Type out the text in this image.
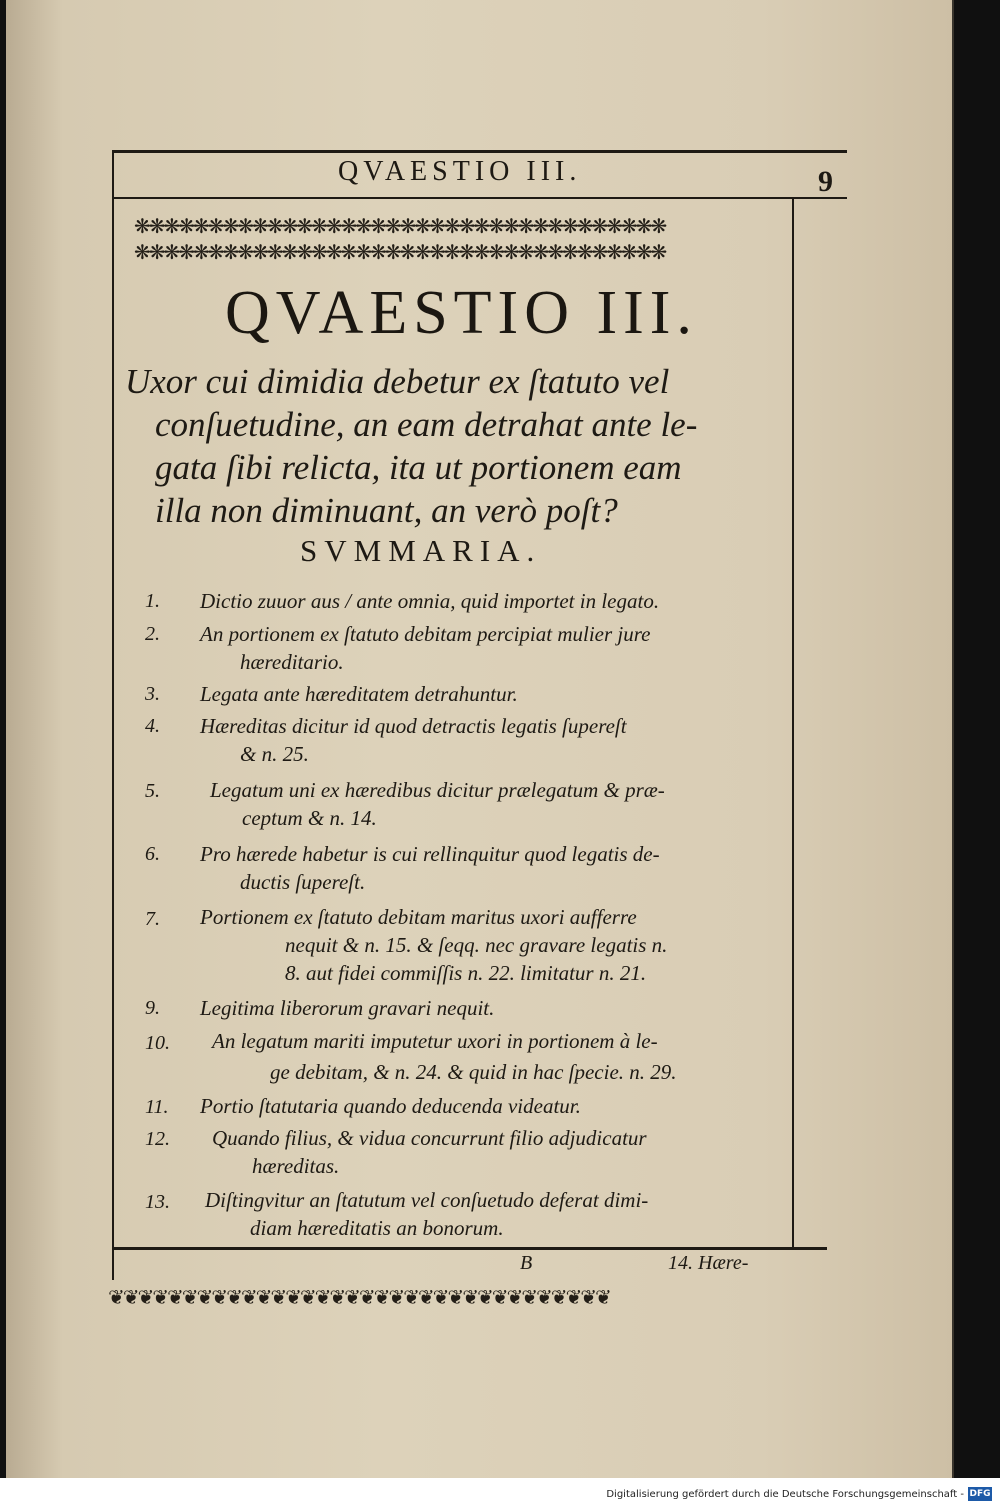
QVAESTIO III.	9
❋❋❋❋❋❋❋❋❋❋❋❋❋❋❋❋❋❋❋❋❋❋❋❋❋❋❋❋❋❋❋❋❋❋❋❋
❋❋❋❋❋❋❋❋❋❋❋❋❋❋❋❋❋❋❋❋❋❋❋❋❋❋❋❋❋❋❋❋❋❋❋❋
QVAESTIO III.
Uxor cui dimidia debetur ex ſtatuto vel
conſuetudine, an eam detrahat ante le-
gata ſibi relicta, ita ut portionem eam
illa non diminuant, an verò poſt?
SVMMARIA.
1.	Dictio zuuor aus / ante omnia, quid importet in legato.
2.	An portionem ex ſtatuto debitam percipiat mulier jure
hæreditario.
3.	Legata ante hæreditatem detrahuntur.
4.	Hæreditas dicitur id quod detractis legatis ſupereſt
& n. 25.
5.	Legatum uni ex hæredibus dicitur prælegatum & præ-
ceptum & n. 14.
6.	Pro hærede habetur is cui rellinquitur quod legatis de-
ductis ſupereſt.
7.	Portionem ex ſtatuto debitam maritus uxori aufferre
nequit & n. 15. & ſeqq. nec gravare legatis n.
8. aut fidei commiſſis n. 22. limitatur n. 21.
9.	Legitima liberorum gravari nequit.
10.	An legatum mariti imputetur uxori in portionem à le-
ge debitam, & n. 24. & quid in hac ſpecie. n. 29.
11.	Portio ſtatutaria quando deducenda videatur.
12.	Quando filius, & vidua concurrunt filio adjudicatur
hæreditas.
13.	Diſtingvitur an ſtatutum vel conſuetudo deferat dimi-
diam hæreditatis an bonorum.
B	14. Hære-
❦❦❦❦❦❦❦❦❦❦❦❦❦❦❦❦❦❦❦❦❦❦❦❦❦❦❦❦❦❦❦❦❦❦
Digitalisierung gefördert durch die Deutsche Forschungsgemeinschaft - DFG
